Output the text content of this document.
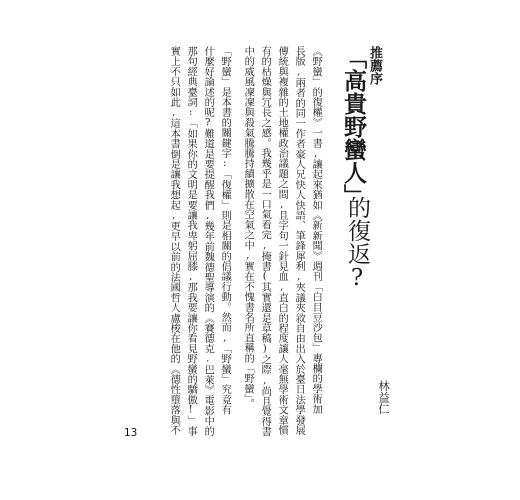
推薦序
「高貴野蠻人」
的復返?
林益仁
《野蠻」的復權》一書,讓起來猶如《新新聞》週刊「白目豆沙包」專欄的學術加
長版,兩者的同一作者豪人兄快人快語、筆鋒犀利,夾議夾敘自由出入於臺日法學發展
傳統與複雜的土地權政治議題之間,且字句一針見血,直白的程度讓人毫無學術文章慣
有的枯燥與冗長之感。我幾乎是一口氣看完,掩書(其實還是草稿)之際,尚且覺得書
中的威風凜凜與殺氣騰騰持續擴散在空氣之中,實在不愧書名所直稱的「野蠻」。
「野蠻」是本書的關鍵字:「復權」則是相關的倡議行動。然而,「野蠻」究竟有
什麼好論述的呢?難道是要提醒我們,幾年前魏德聖導演的《賽德克.巴萊》電影中的
那句經典臺詞:「如果你的文明是要讓我卑躬屈膝,那我要讓你看見野蠻的驕傲!」事
實上不只如此,這本書倒是讓我想起,更早以前的法國哲人盧梭在他的《德性墮落與不
13
